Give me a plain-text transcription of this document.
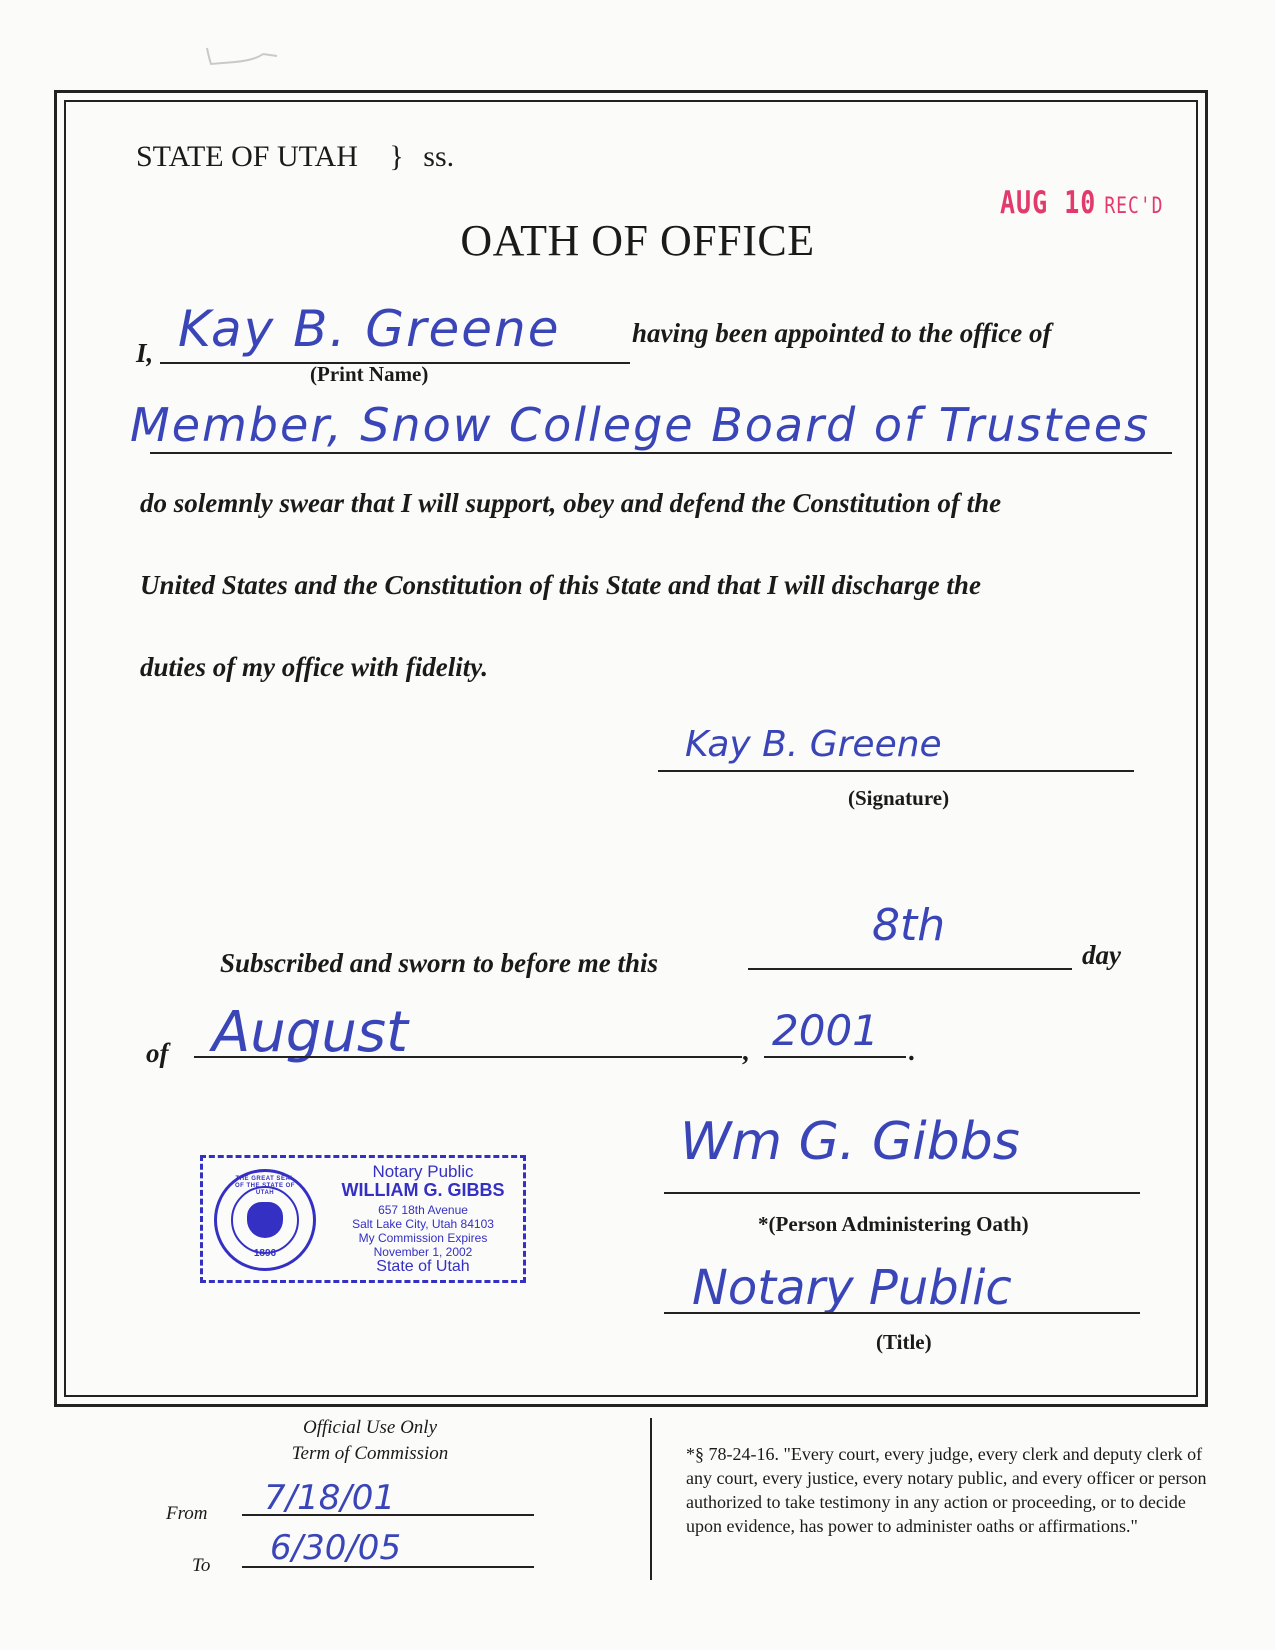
STATE OF UTAH } ss.
AUG 10 REC'D
OATH OF OFFICE
I, Kay B. Greene
(Print Name)
having been appointed to the office of
Member, Snow College Board of Trustees
do solemnly swear that I will support, obey and defend the Constitution of the
United States and the Constitution of this State and that I will discharge the
duties of my office with fidelity.
Kay B. Greene
(Signature)
Subscribed and sworn to before me this
8th
day
of August	, 2001 .
THE GREAT SEAL OF THE STATE OF UTAH
1896
Notary Public
WILLIAM G. GIBBS
657 18th Avenue
Salt Lake City, Utah 84103
My Commission Expires
November 1, 2002
State of Utah
Wm G. Gibbs
*(Person Administering Oath)
Notary Public
(Title)
Official Use Only
Term of Commission
From 7/18/01
To 6/30/05
*§ 78-24-16. "Every court, every judge, every clerk and deputy clerk of any court, every justice, every notary public, and every officer or person authorized to take testimony in any action or proceeding, or to decide upon evidence, has power to administer oaths or affirmations."
